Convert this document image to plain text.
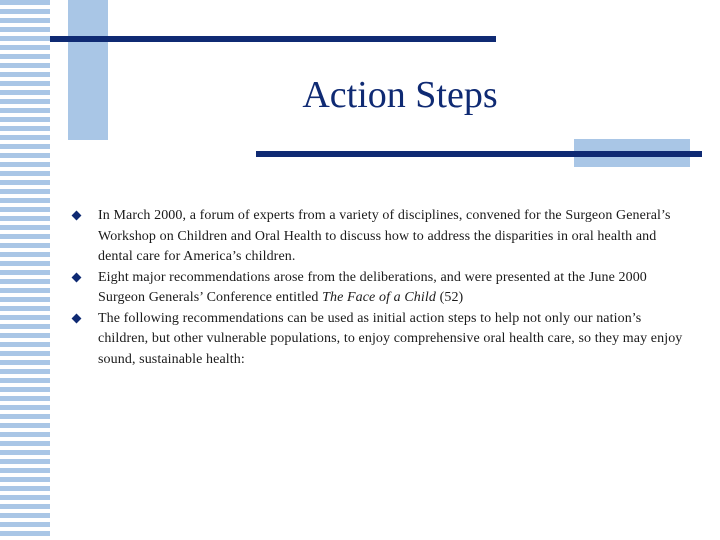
Action Steps
In March 2000, a forum of experts from a variety of disciplines, convened for the Surgeon General’s Workshop on Children and Oral Health to discuss how to address the disparities in oral health and dental care for America’s children.
Eight major recommendations arose from the deliberations, and were presented at the June 2000 Surgeon Generals’ Conference entitled The Face of a Child (52)
The following recommendations can be used as initial action steps to help not only our nation’s children, but other vulnerable populations, to enjoy comprehensive oral health care, so they may enjoy sound, sustainable health:
